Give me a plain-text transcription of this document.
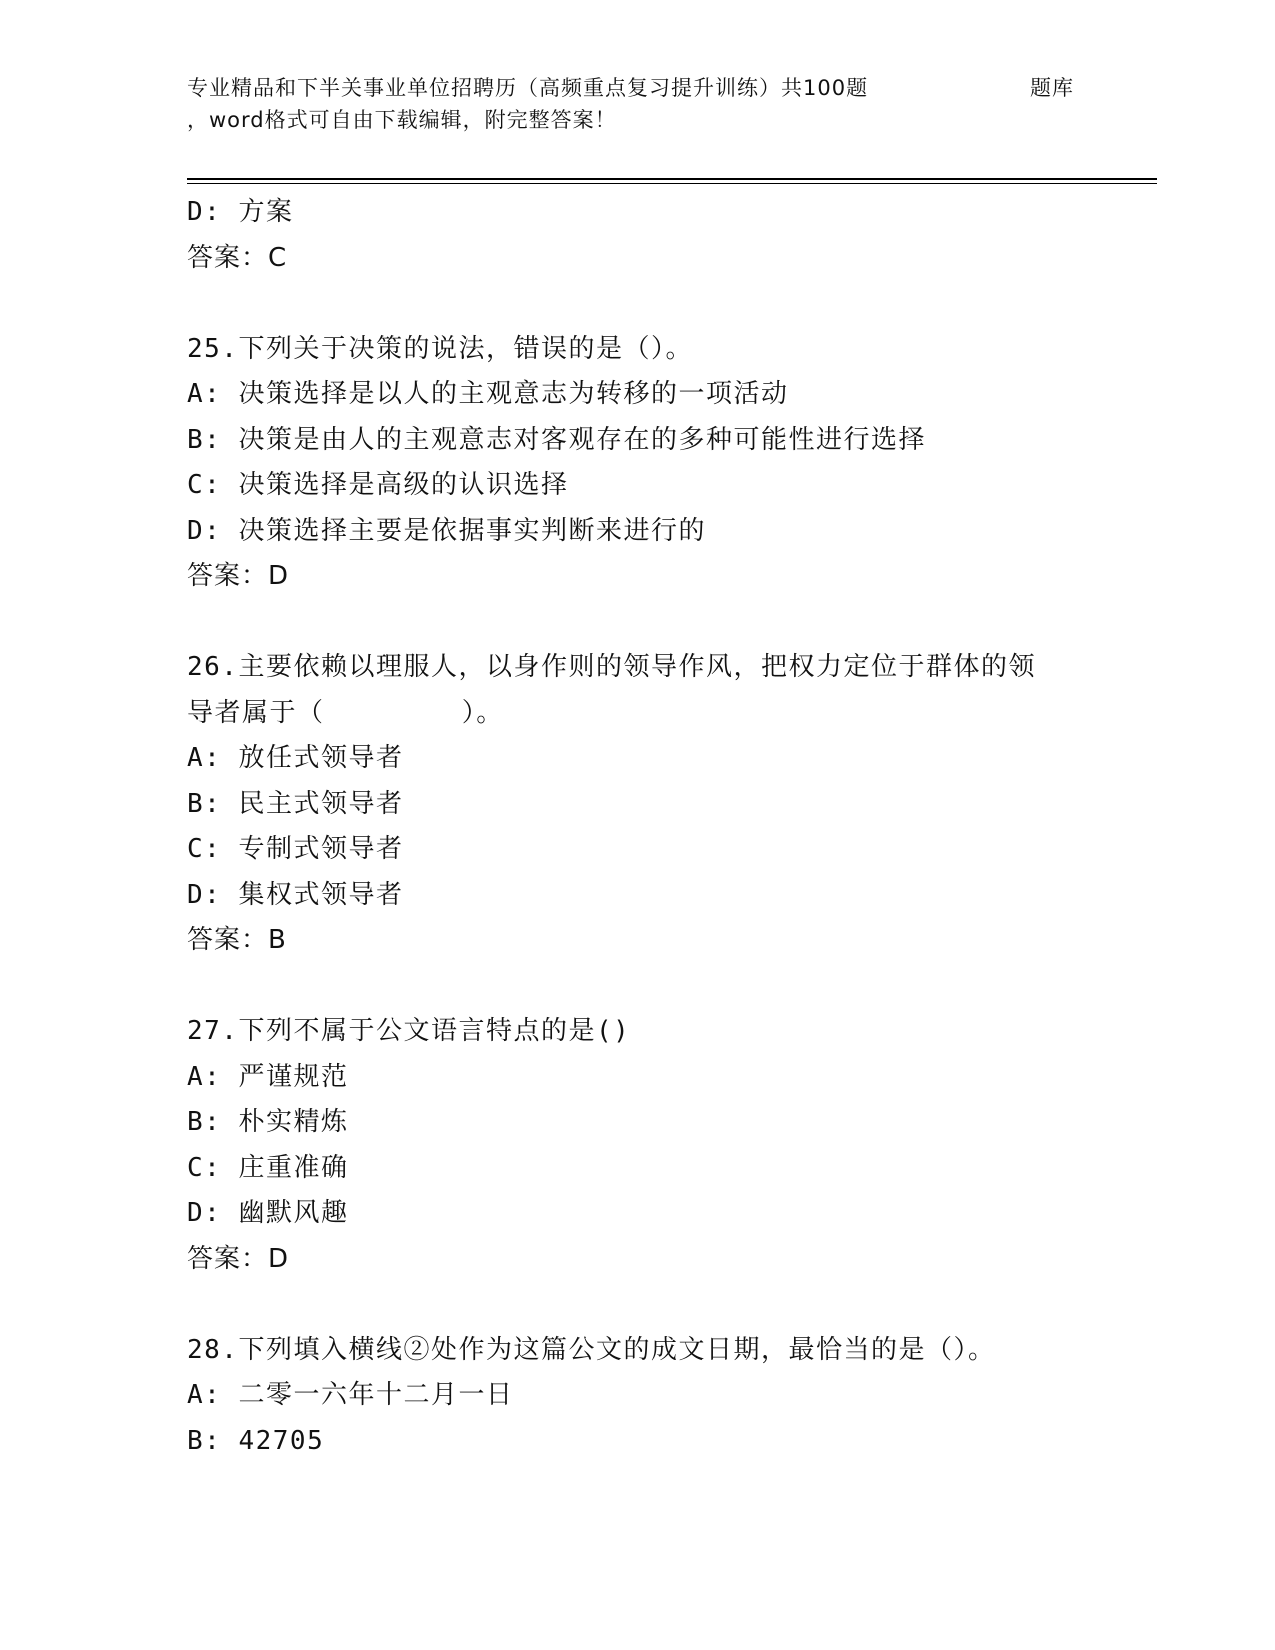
专业精品和下半关事业单位招聘历（高频重点复习提升训练）共100题	题库
，word格式可自由下载编辑，附完整答案！
D: 方案
答案：C
25.下列关于决策的说法，错误的是（）。
A: 决策选择是以人的主观意志为转移的一项活动
B: 决策是由人的主观意志对客观存在的多种可能性进行选择
C: 决策选择是高级的认识选择
D: 决策选择主要是依据事实判断来进行的
答案：D
26.主要依赖以理服人，以身作则的领导作风，把权力定位于群体的领
导者属于（        ）。
A: 放任式领导者
B: 民主式领导者
C: 专制式领导者
D: 集权式领导者
答案：B
27.下列不属于公文语言特点的是()
A: 严谨规范
B: 朴实精炼
C: 庄重准确
D: 幽默风趣
答案：D
28.下列填入横线②处作为这篇公文的成文日期，最恰当的是（）。
A: 二零一六年十二月一日
B: 42705
